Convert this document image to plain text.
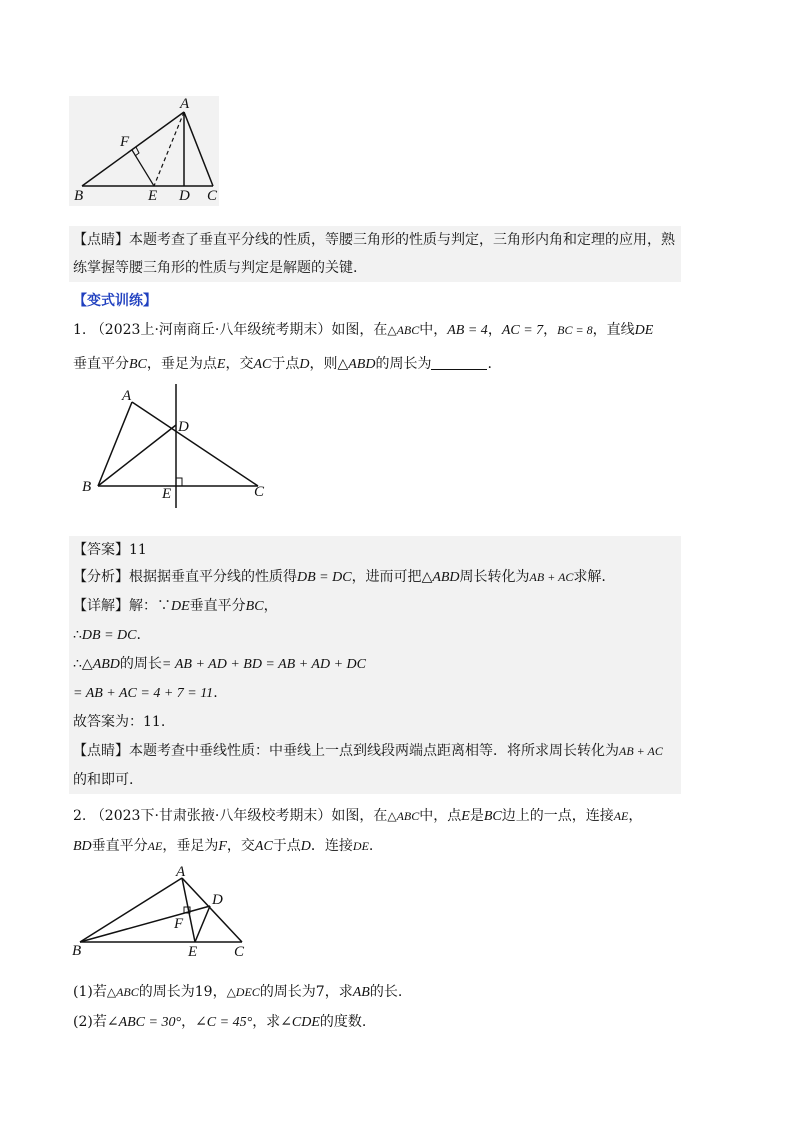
A
F
B	E D C
【点睛】本题考查了垂直平分线的性质，等腰三角形的性质与判定，三角形内角和定理的应用，熟
练掌握等腰三角形的性质与判定是解题的关键.
【变式训练】
1. （2023上·河南商丘·八年级统考期末）如图，在△ABC中，AB = 4，AC = 7，BC = 8，直线DE
垂直平分BC，垂足为点E，交AC于点D，则△ABD的周长为	.
A
D
B	E	C
【答案】11
【分析】根据据垂直平分线的性质得DB = DC，进而可把△ABD周长转化为AB + AC求解.
【详解】解：∵DE垂直平分BC，
∴DB = DC.
∴△ABD的周长= AB + AD + BD = AB + AD + DC
= AB + AC = 4 + 7 = 11.
故答案为：11.
【点睛】本题考查中垂线性质：中垂线上一点到线段两端点距离相等．将所求周长转化为AB + AC
的和即可.
2. （2023下·甘肃张掖·八年级校考期末）如图，在△ABC中，点E是BC边上的一点，连接AE，
BD垂直平分AE，垂足为F，交AC于点D．连接DE.
A
D
F
B	E C
(1)若△ABC的周长为19，△DEC的周长为7，求AB的长.
(2)若∠ABC = 30°，∠C = 45°，求∠CDE的度数.
